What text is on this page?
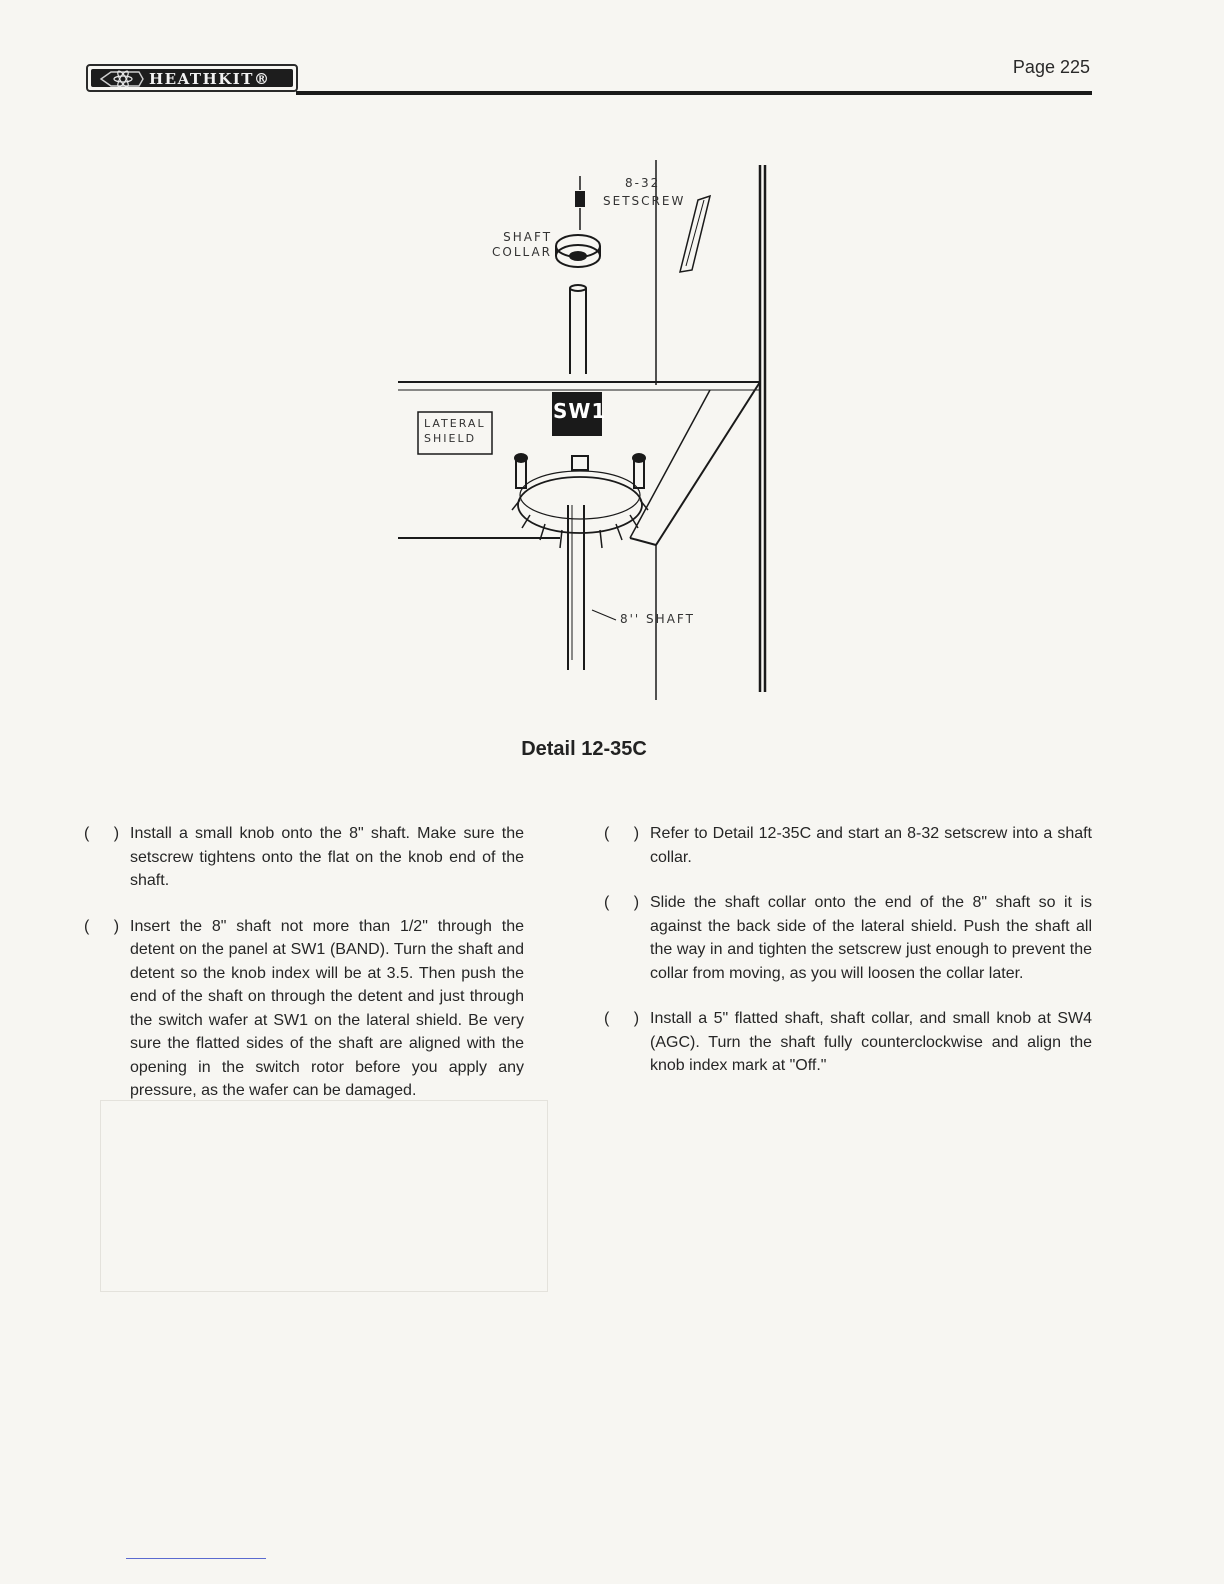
HEATHKIT®
Page 225
8-32
SETSCREW
SHAFT
COLLAR
LATERAL
SHIELD
SW1
8'' SHAFT
Detail 12-35C
( ) Install a small knob onto the 8" shaft. Make sure the setscrew tightens onto the flat on the knob end of the shaft.
( ) Insert the 8" shaft not more than 1/2" through the detent on the panel at SW1 (BAND). Turn the shaft and detent so the knob index will be at 3.5. Then push the end of the shaft on through the detent and just through the switch wafer at SW1 on the lateral shield. Be very sure the flatted sides of the shaft are aligned with the opening in the switch rotor before you apply any pressure, as the wafer can be damaged.
( ) Refer to Detail 12-35C and start an 8-32 setscrew into a shaft collar.
( ) Slide the shaft collar onto the end of the 8" shaft so it is against the back side of the lateral shield. Push the shaft all the way in and tighten the setscrew just enough to prevent the collar from moving, as you will loosen the collar later.
( ) Install a 5" flatted shaft, shaft collar, and small knob at SW4 (AGC). Turn the shaft fully counterclockwise and align the knob index mark at "Off."
